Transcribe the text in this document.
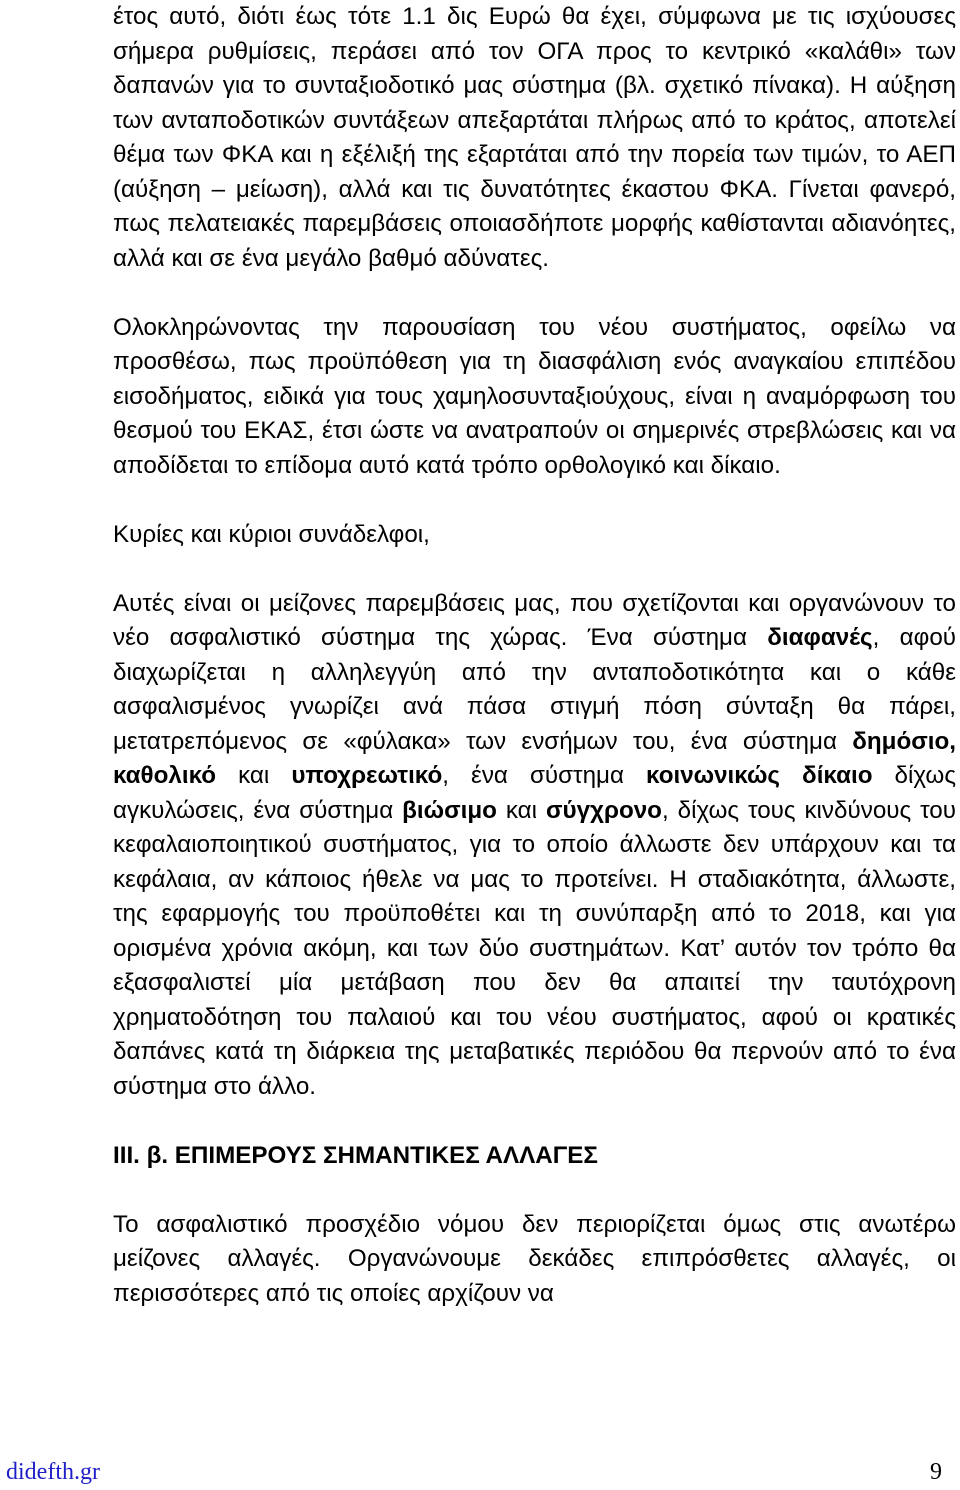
έτος αυτό, διότι έως τότε 1.1 δις Ευρώ θα έχει, σύμφωνα με τις ισχύουσες σήμερα ρυθμίσεις, περάσει από τον ΟΓΑ προς το κεντρικό «καλάθι» των δαπανών για το συνταξιοδοτικό μας σύστημα (βλ. σχετικό πίνακα). Η αύξηση των ανταποδοτικών συντάξεων απεξαρτάται πλήρως από το κράτος, αποτελεί θέμα των ΦΚΑ και η εξέλιξή της εξαρτάται από την πορεία των τιμών, το ΑΕΠ (αύξηση – μείωση), αλλά και τις δυνατότητες έκαστου ΦΚΑ. Γίνεται φανερό, πως πελατειακές παρεμβάσεις οποιασδήποτε μορφής καθίστανται αδιανόητες, αλλά και σε ένα μεγάλο βαθμό αδύνατες.

Ολοκληρώνοντας την παρουσίαση του νέου συστήματος, οφείλω να προσθέσω, πως προϋπόθεση για τη διασφάλιση ενός αναγκαίου επιπέδου εισοδήματος, ειδικά για τους χαμηλοσυνταξιούχους, είναι η αναμόρφωση του θεσμού του ΕΚΑΣ, έτσι ώστε να ανατραπούν οι σημερινές στρεβλώσεις και να αποδίδεται το επίδομα αυτό κατά τρόπο ορθολογικό και δίκαιο.

Κυρίες και κύριοι συνάδελφοι,

Αυτές είναι οι μείζονες παρεμβάσεις μας, που σχετίζονται και οργανώνουν το νέο ασφαλιστικό σύστημα της χώρας. Ένα σύστημα διαφανές, αφού διαχωρίζεται η αλληλεγγύη από την ανταποδοτικότητα και ο κάθε ασφαλισμένος γνωρίζει ανά πάσα στιγμή πόση σύνταξη θα πάρει, μετατρεπόμενος σε «φύλακα» των ενσήμων του, ένα σύστημα δημόσιο, καθολικό και υποχρεωτικό, ένα σύστημα κοινωνικώς δίκαιο δίχως αγκυλώσεις, ένα σύστημα βιώσιμο και σύγχρονο, δίχως τους κινδύνους του κεφαλαιοποιητικού συστήματος, για το οποίο άλλωστε δεν υπάρχουν και τα κεφάλαια, αν κάποιος ήθελε να μας το προτείνει. Η σταδιακότητα, άλλωστε, της εφαρμογής του προϋποθέτει και τη συνύπαρξη από το 2018, και για ορισμένα χρόνια ακόμη, και των δύο συστημάτων. Κατ’ αυτόν τον τρόπο θα εξασφαλιστεί μία μετάβαση που δεν θα απαιτεί την ταυτόχρονη χρηματοδότηση του παλαιού και του νέου συστήματος, αφού οι κρατικές δαπάνες κατά τη διάρκεια της μεταβατικές περιόδου θα περνούν από το ένα σύστημα στο άλλο.

III. β. ΕΠΙΜΕΡΟΥΣ ΣΗΜΑΝΤΙΚΕΣ ΑΛΛΑΓΕΣ

Το ασφαλιστικό προσχέδιο νόμου δεν περιορίζεται όμως στις ανωτέρω μείζονες αλλαγές. Οργανώνουμε δεκάδες επιπρόσθετες αλλαγές, οι περισσότερες από τις οποίες αρχίζουν να

didefth.gr	9
